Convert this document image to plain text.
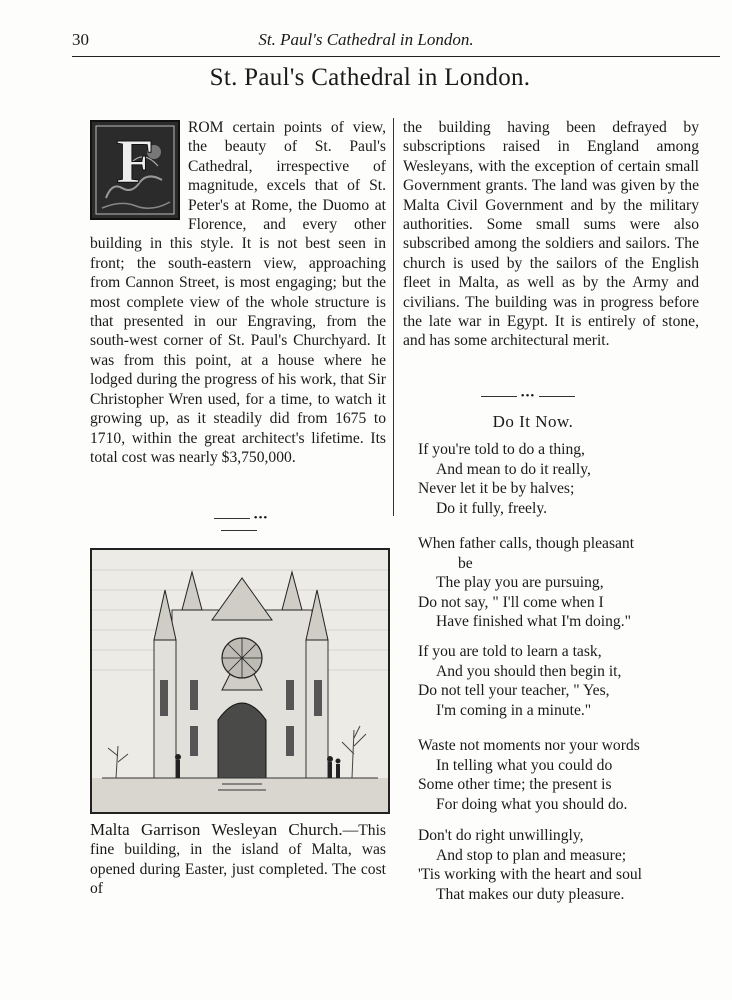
30	St. Paul's Cathedral in London.
St. Paul's Cathedral in London.
F
ROM certain points of view, the beauty of St. Paul's Cathedral, irrespective of magnitude, excels that of St. Peter's at Rome, the Duomo at Florence, and every other building in this style. It is not best seen in front; the south-eastern view, approaching from Cannon Street, is most engaging; but the most complete view of the whole structure is that presented in our Engraving, from the south-west corner of St. Paul's Churchyard. It was from this point, at a house where he lodged during the progress of his work, that Sir Christopher Wren used, for a time, to watch it growing up, as it steadily did from 1675 to 1710, within the great architect's lifetime. Its total cost was nearly $3,750,000.
•••
the building having been defrayed by subscriptions raised in England among Wesleyans, with the exception of certain small Government grants. The land was given by the Malta Civil Government and by the military authorities. Some small sums were also subscribed among the soldiers and sailors. The church is used by the sailors of the English fleet in Malta, as well as by the Army and civilians. The building was in progress before the late war in Egypt. It is entirely of stone, and has some architectural merit.
•••
Do It Now.
If you're told to do a thing,
And mean to do it really,
Never let it be by halves;
Do it fully, freely.
When father calls, though pleasant
be
The play you are pursuing,
Do not say, " I'll come when I
Have finished what I'm doing."
If you are told to learn a task,
And you should then begin it,
Do not tell your teacher, " Yes,
I'm coming in a minute."
Waste not moments nor your words
In telling what you could do
Some other time; the present is
For doing what you should do.
Don't do right unwillingly,
And stop to plan and measure;
'Tis working with the heart and soul
That makes our duty pleasure.
Malta Garrison Wesleyan Church.—This fine building, in the island of Malta, was opened during Easter, just completed. The cost of
